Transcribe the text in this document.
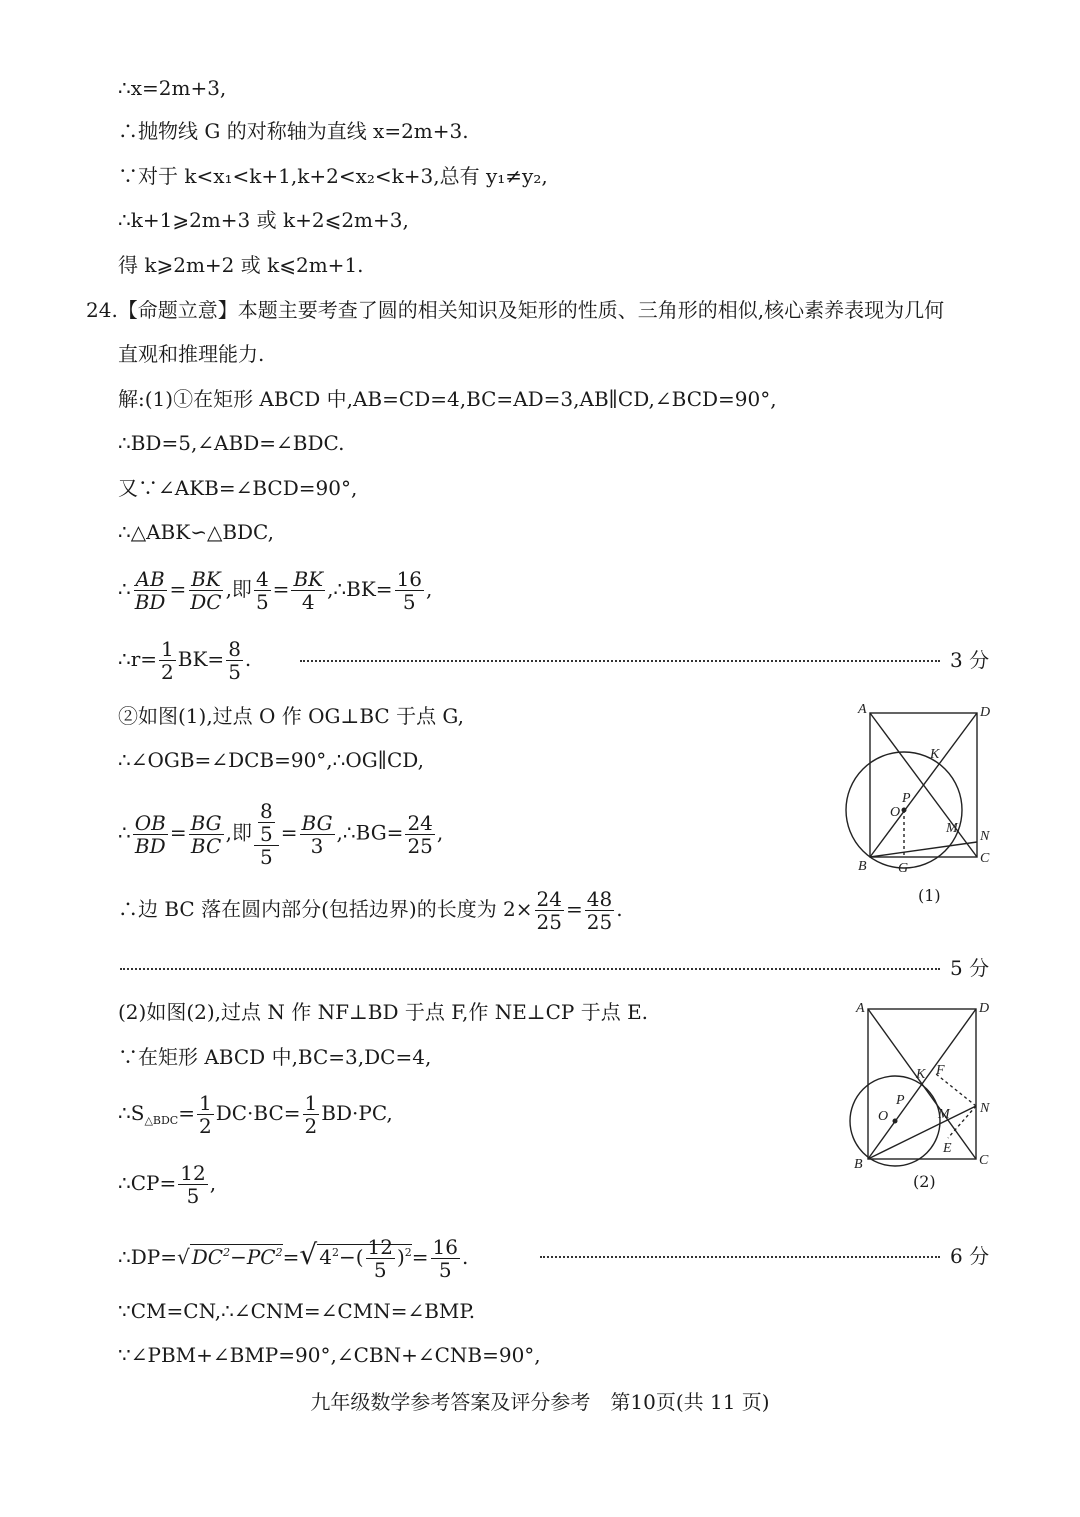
∴x=2m+3,
∴抛物线 G 的对称轴为直线 x=2m+3.
∵对于 k<x₁<k+1,k+2<x₂<k+3,总有 y₁≠y₂,
∴k+1⩾2m+3 或 k+2⩽2m+3,
得 k⩾2m+2 或 k⩽2m+1.
24.【命题立意】本题主要考查了圆的相关知识及矩形的性质、三角形的相似,核心素养表现为几何
直观和推理能力.
解:(1)①在矩形 ABCD 中,AB=CD=4,BC=AD=3,AB∥CD,∠BCD=90°,
∴BD=5,∠ABD=∠BDC.
又∵∠AKB=∠BCD=90°,
∴△ABK∽△BDC,
∴ $\frac{AB}{BD} = \frac{BK}{DC}$ ,即 $\frac{4}{5} = \frac{BK}{4}$ ,∴BK= $\frac{16}{5}$ ,
∴r= $\frac{1}{2} BK= \frac{8}{5}$ .	3 分
②如图(1),过点 O 作 OG⊥BC 于点 G,
∴∠OGB=∠DCB=90°,∴OG∥CD,
∴ $\frac{OB}{BD} = \frac{BG}{BC}$ ,即 $\frac{\frac{8}{5}}{5} = \frac{BG}{3}$ ,∴BG= $\frac{24}{25}$ ,
∴边 BC 落在圆内部分(包括边界)的长度为 $2\times \frac{24}{25} = \frac{48}{25}$ .
5 分
(2)如图(2),过点 N 作 NF⊥BD 于点 F,作 NE⊥CP 于点 E.
∵在矩形 ABCD 中,BC=3,DC=4,
$\therefore S_{\triangle BDC}= \frac{1}{2} DC\cdot BC= \frac{1}{2} BD\cdot PC$,
∴CP= $\frac{12}{5}$ ,
∴DP=√ $DC^2-PC^2=√$ $4^2-( \frac{12}{5} )^2= \frac{16}{5}$ .	6 分
∵CM=CN,∴∠CNM=∠CMN=∠BMP.
∵∠PBM+∠BMP=90°,∠CBN+∠CNB=90°,
A	D
K
P
O
M
N
B G
C
(1)
A	D
K F
P
O	M N
E
B	C
(2)
九年级数学参考答案及评分参考　第10页(共 11 页)
